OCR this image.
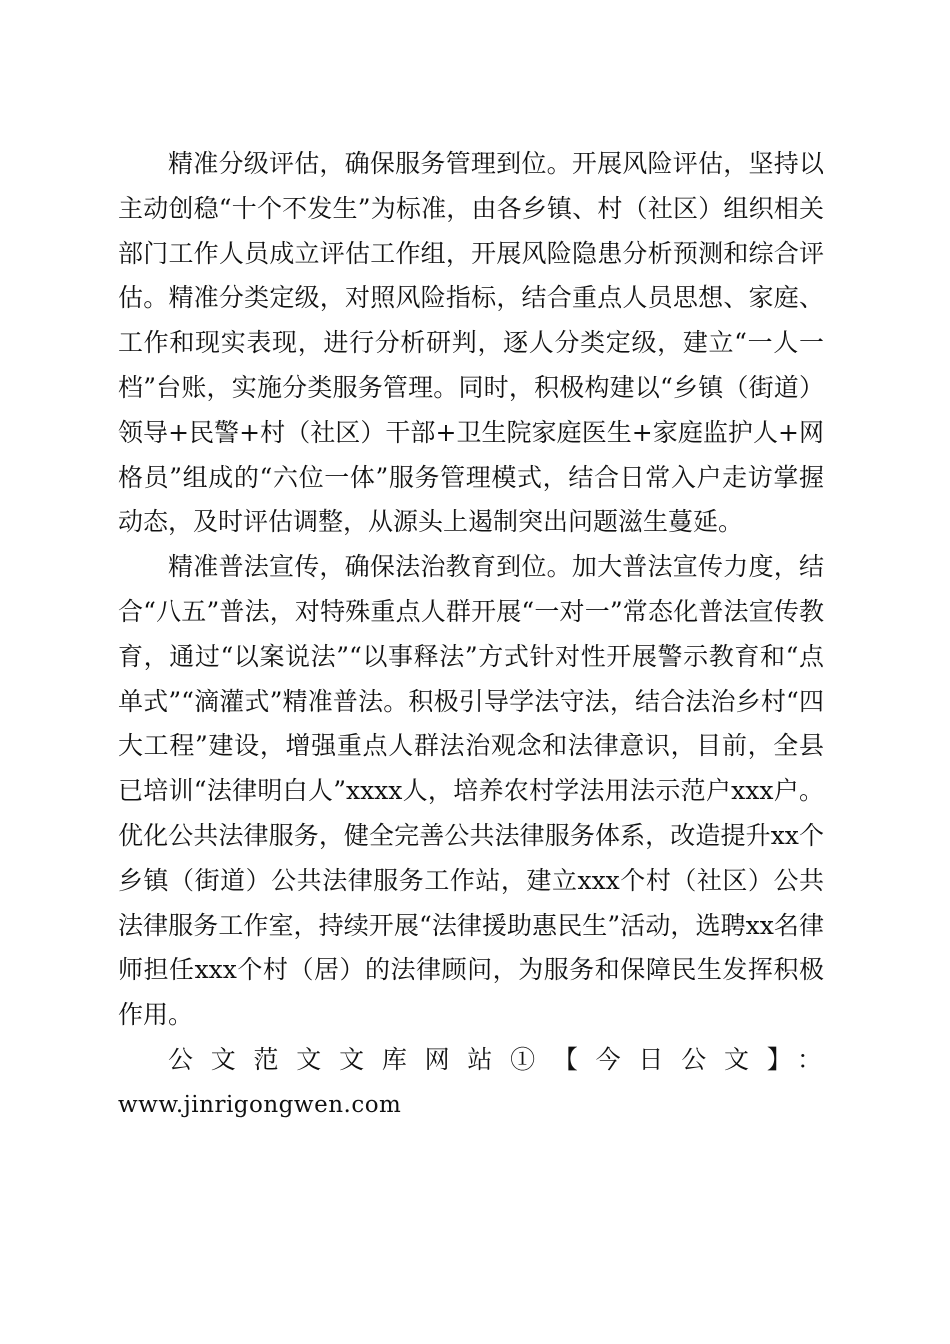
精准分级评估，确保服务管理到位。开展风险评估，坚持以主动创稳“十个不发生”为标准，由各乡镇、村（社区）组织相关部门工作人员成立评估工作组，开展风险隐患分析预测和综合评估。精准分类定级，对照风险指标，结合重点人员思想、家庭、工作和现实表现，进行分析研判，逐人分类定级，建立“一人一档”台账，实施分类服务管理。同时，积极构建以“乡镇（街道）领导+民警+村（社区）干部+卫生院家庭医生+家庭监护人+网格员”组成的“六位一体”服务管理模式，结合日常入户走访掌握动态，及时评估调整，从源头上遏制突出问题滋生蔓延。

精准普法宣传，确保法治教育到位。加大普法宣传力度，结合“八五”普法，对特殊重点人群开展“一对一”常态化普法宣传教育，通过“以案说法”“以事释法”方式针对性开展警示教育和“点单式”“滴灌式”精准普法。积极引导学法守法，结合法治乡村“四大工程”建设，增强重点人群法治观念和法律意识，目前，全县已培训“法律明白人”xxxx人，培养农村学法用法示范户xxx户。优化公共法律服务，健全完善公共法律服务体系，改造提升xx个乡镇（街道）公共法律服务工作站，建立xxx个村（社区）公共法律服务工作室，持续开展“法律援助惠民生”活动，选聘xx名律师担任xxx个村（居）的法律顾问，为服务和保障民生发挥积极作用。

公文范文文库网站①【今日公文】：

www.jinrigongwen.com
